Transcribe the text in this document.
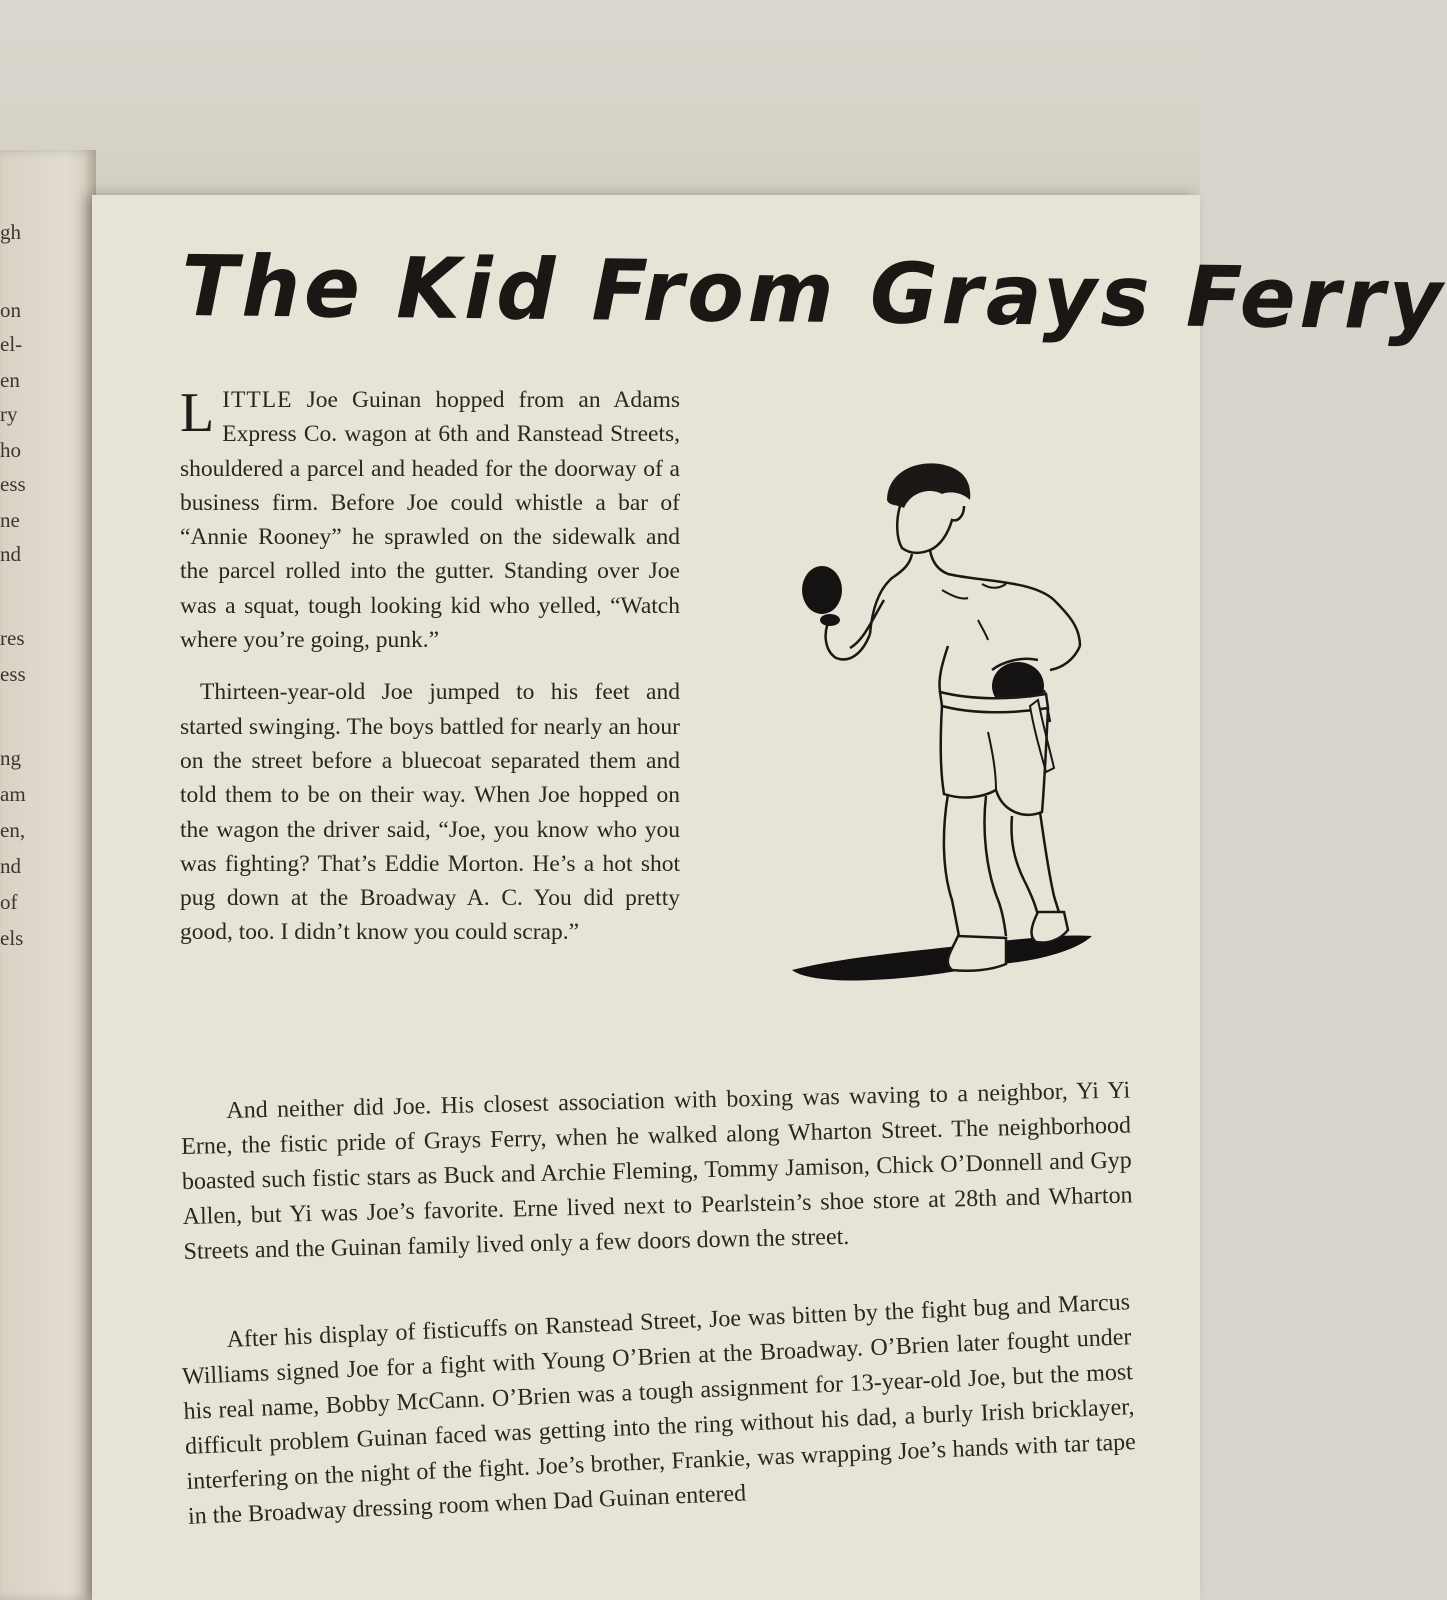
gh
on
el-
en
ry
ho
ess
ne
nd
res
ess
ng
am
en,
nd
of
els
The Kid From Grays Ferry

LITTLE Joe Guinan hopped from an Adams Express Co. wagon at 6th and Ranstead Streets, shouldered a parcel and headed for the doorway of a business firm. Before Joe could whistle a bar of “Annie Rooney” he sprawled on the sidewalk and the parcel rolled into the gutter. Standing over Joe was a squat, tough looking kid who yelled, “Watch where you’re going, punk.”

Thirteen-year-old Joe jumped to his feet and started swinging. The boys battled for nearly an hour on the street before a bluecoat separated them and told them to be on their way. When Joe hopped on the wagon the driver said, “Joe, you know who you was fighting? That’s Eddie Morton. He’s a hot shot pug down at the Broadway A. C. You did pretty good, too. I didn’t know you could scrap.”

And neither did Joe. His closest association with boxing was waving to a neighbor, Yi Yi Erne, the fistic pride of Grays Ferry, when he walked along Wharton Street. The neighborhood boasted such fistic stars as Buck and Archie Fleming, Tommy Jamison, Chick O’Donnell and Gyp Allen, but Yi was Joe’s favorite. Erne lived next to Pearlstein’s shoe store at 28th and Wharton Streets and the Guinan family lived only a few doors down the street.

After his display of fisticuffs on Ranstead Street, Joe was bitten by the fight bug and Marcus Williams signed Joe for a fight with Young O’Brien at the Broadway. O’Brien later fought under his real name, Bobby McCann. O’Brien was a tough assignment for 13-year-old Joe, but the most difficult problem Guinan faced was getting into the ring without his dad, a burly Irish bricklayer, interfering on the night of the fight. Joe’s brother, Frankie, was wrapping Joe’s hands with tar tape in the Broadway dressing room when Dad Guinan entered
